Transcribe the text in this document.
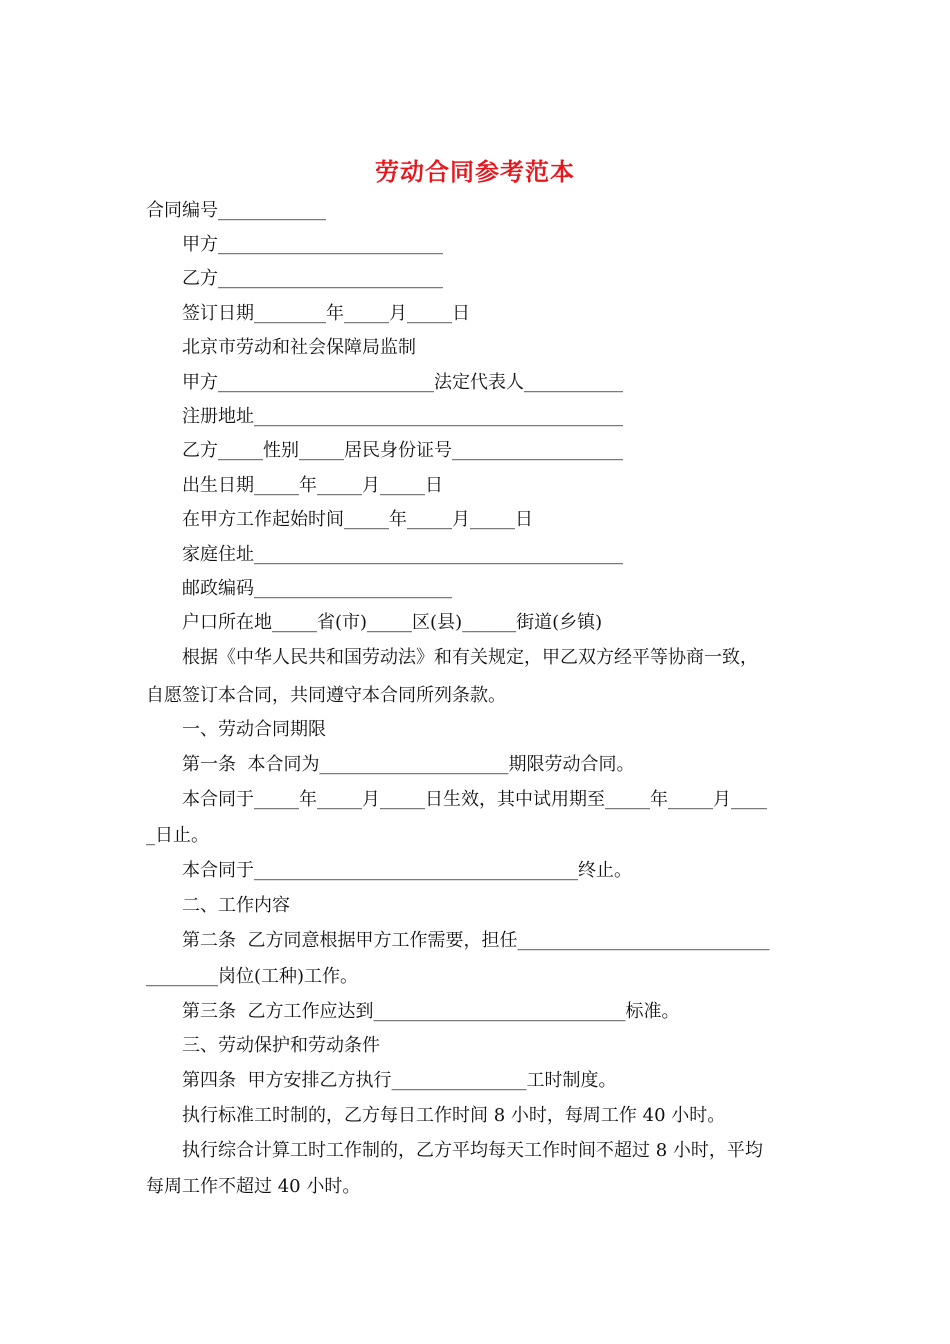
劳动合同参考范本
合同编号____________
甲方_________________________
乙方_________________________
签订日期________年_____月_____日
北京市劳动和社会保障局监制
甲方________________________法定代表人___________
注册地址_________________________________________
乙方_____性别_____居民身份证号___________________
出生日期_____年_____月_____日
在甲方工作起始时间_____年_____月_____日
家庭住址_________________________________________
邮政编码______________________
户口所在地_____省(市)_____区(县)______街道(乡镇)
根据《中华人民共和国劳动法》和有关规定，甲乙双方经平等协商一致，
自愿签订本合同，共同遵守本合同所列条款。
一、劳动合同期限
第一条  本合同为_____________________期限劳动合同。
本合同于_____年_____月_____日生效，其中试用期至_____年_____月____
_日止。
本合同于____________________________________终止。
二、工作内容
第二条  乙方同意根据甲方工作需要，担任____________________________
________岗位(工种)工作。
第三条  乙方工作应达到____________________________标准。
三、劳动保护和劳动条件
第四条  甲方安排乙方执行_______________工时制度。
执行标准工时制的，乙方每日工作时间 8 小时，每周工作 40 小时。
执行综合计算工时工作制的，乙方平均每天工作时间不超过 8 小时，平均
每周工作不超过 40 小时。
